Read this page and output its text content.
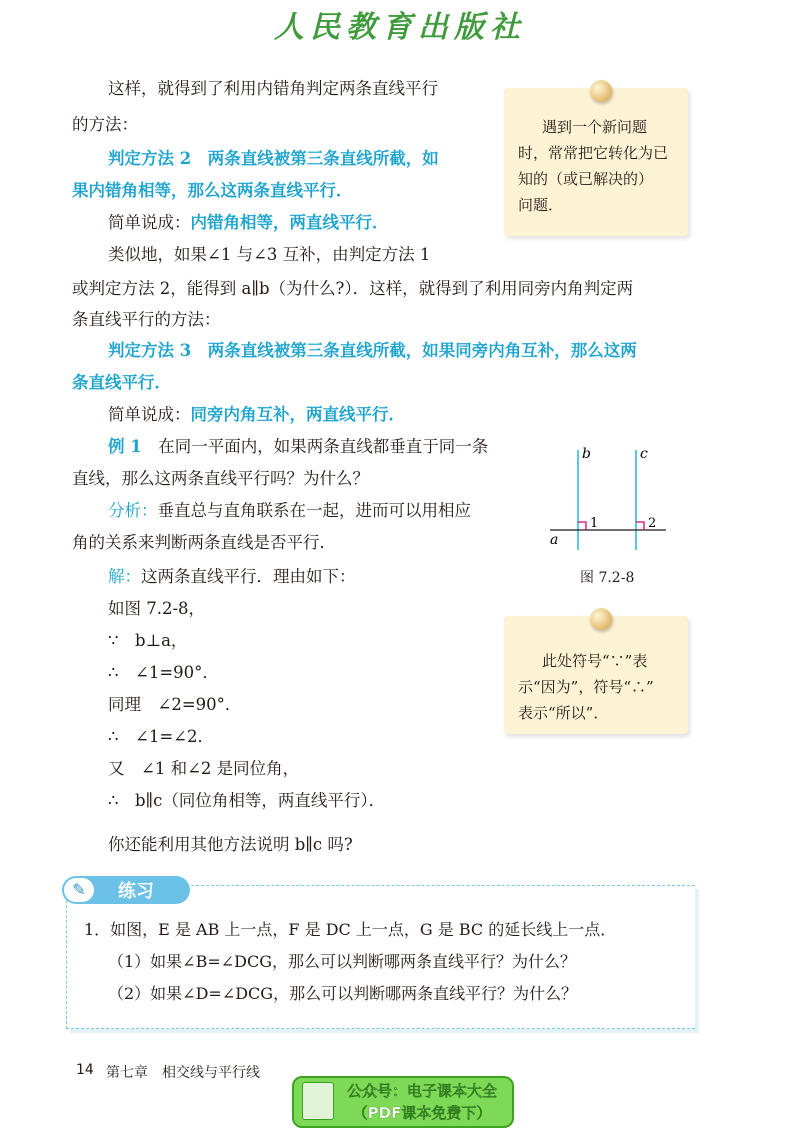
人民教育出版社
这样，就得到了利用内错角判定两条直线平行
的方法：
判定方法 2　两条直线被第三条直线所截，如
果内错角相等，那么这两条直线平行．
简单说成：内错角相等，两直线平行．
类似地，如果∠1 与∠3 互补，由判定方法 1
或判定方法 2，能得到 a∥b（为什么?）．这样，就得到了利用同旁内角判定两
条直线平行的方法：
判定方法 3　两条直线被第三条直线所截，如果同旁内角互补，那么这两
条直线平行．
简单说成：同旁内角互补，两直线平行．
例 1　 在同一平面内，如果两条直线都垂直于同一条
直线，那么这两条直线平行吗？为什么？
分析：垂直总与直角联系在一起，进而可以用相应
角的关系来判断两条直线是否平行．
解：这两条直线平行．理由如下：
如图 7.2-8，
∵　b⊥a，
∴　∠1=90°．
同理　∠2=90°．
∴　∠1=∠2．
又　∠1 和∠2 是同位角，
∴　b∥c（同位角相等，两直线平行）．
你还能利用其他方法说明 b∥c 吗?
遇到一个新问题
时，常常把它转化为已
知的（或已解决的）
问题．
b	c
a
1	2
图 7.2-8
此处符号“∵”表
示“因为”，符号“∴”
表示“所以”．
✎	练习
1．如图，E 是 AB 上一点，F 是 DC 上一点，G 是 BC 的延长线上一点．
（1）如果∠B=∠DCG，那么可以判断哪两条直线平行？为什么？
（2）如果∠D=∠DCG，那么可以判断哪两条直线平行？为什么？
14 第七章　相交线与平行线
公众号：电子课本大全
（PDF课本免费下）
